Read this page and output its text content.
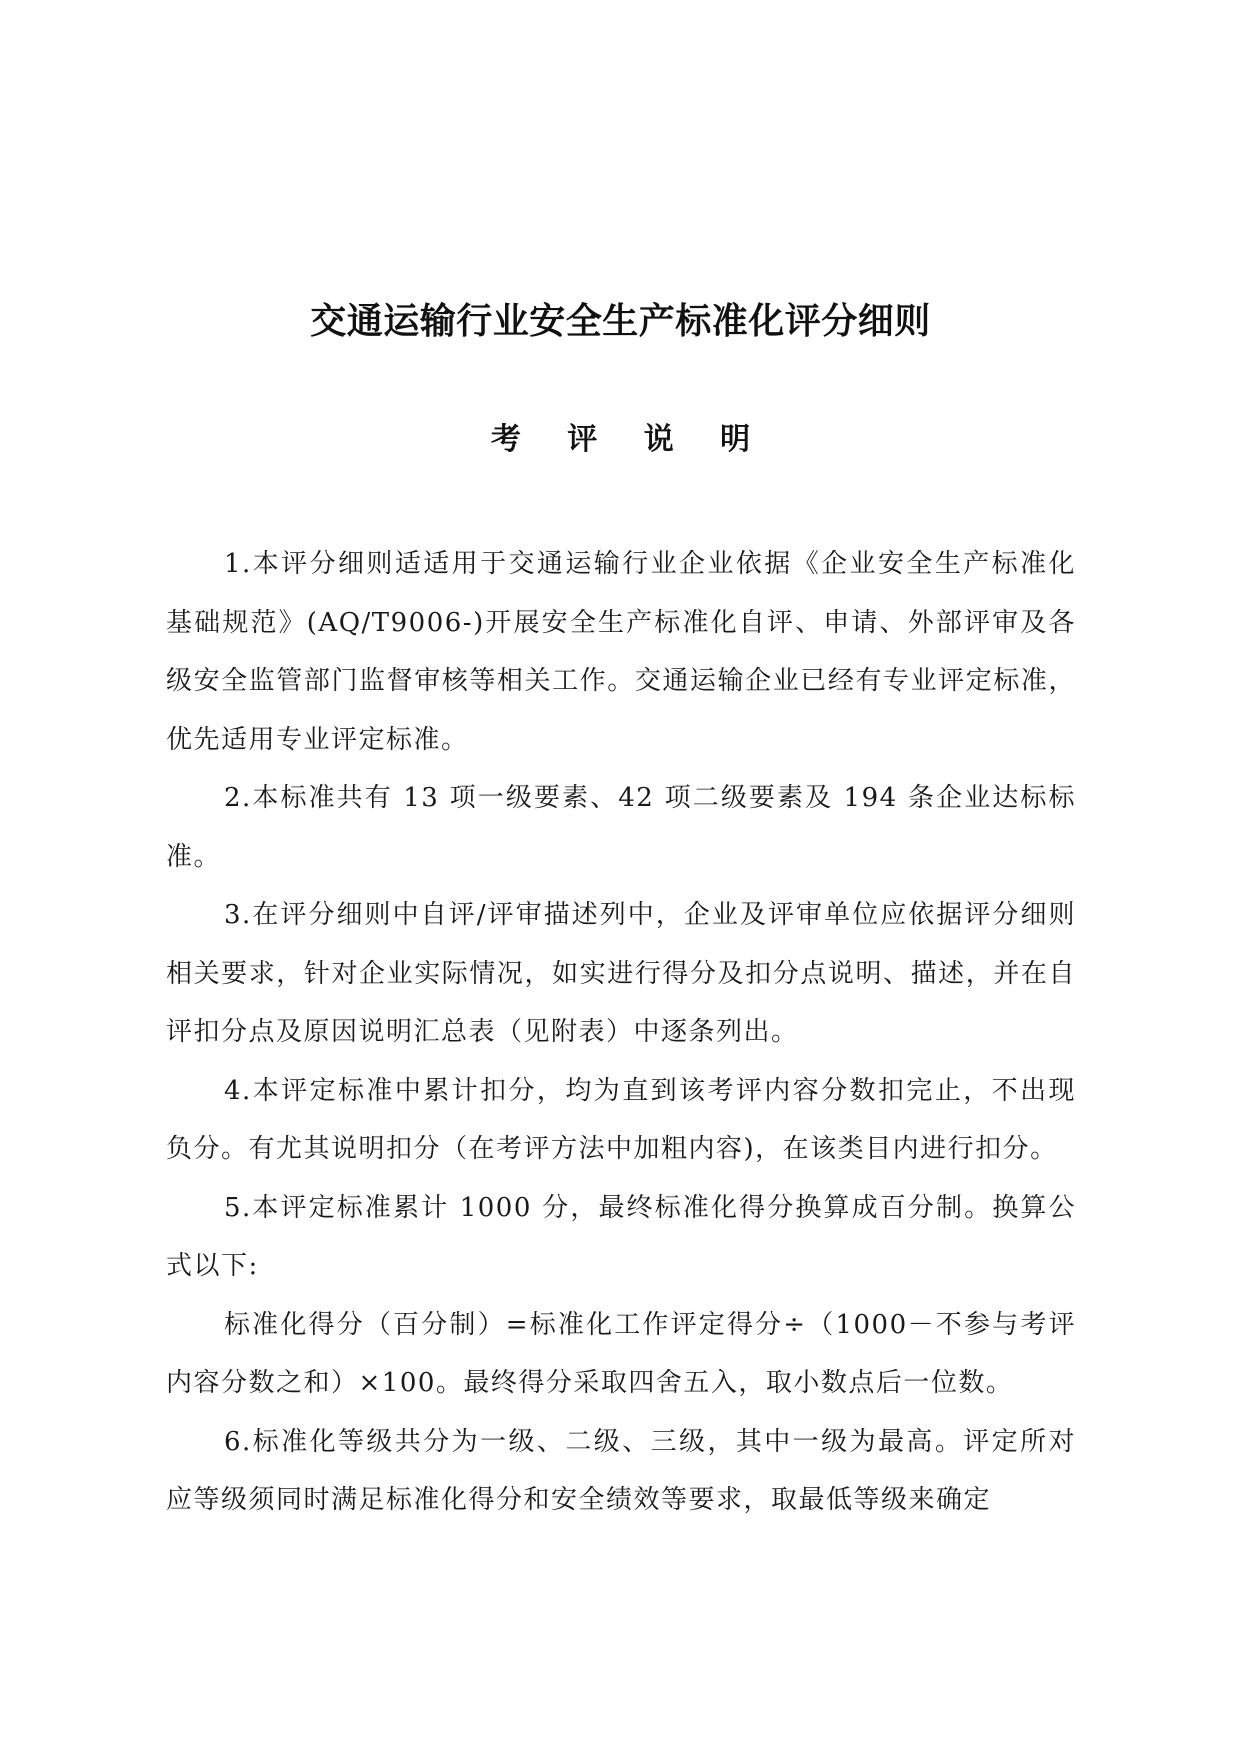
交通运输行业安全生产标准化评分细则
考 评 说 明

1.本评分细则适适用于交通运输行业企业依据《企业安全生产标准化基础规范》(AQ/T9006-)开展安全生产标准化自评、申请、外部评审及各级安全监管部门监督审核等相关工作。交通运输企业已经有专业评定标准，优先适用专业评定标准。

2.本标准共有 13 项一级要素、42 项二级要素及 194 条企业达标标准。

3.在评分细则中自评/评审描述列中，企业及评审单位应依据评分细则相关要求，针对企业实际情况，如实进行得分及扣分点说明、描述，并在自评扣分点及原因说明汇总表（见附表）中逐条列出。

4.本评定标准中累计扣分，均为直到该考评内容分数扣完止，不出现负分。有尤其说明扣分（在考评方法中加粗内容)，在该类目内进行扣分。

5.本评定标准累计 1000 分，最终标准化得分换算成百分制。换算公式以下:

标准化得分（百分制）=标准化工作评定得分÷（1000－不参与考评内容分数之和）×100。最终得分采取四舍五入，取小数点后一位数。

6.标准化等级共分为一级、二级、三级，其中一级为最高。评定所对应等级须同时满足标准化得分和安全绩效等要求，取最低等级来确定
